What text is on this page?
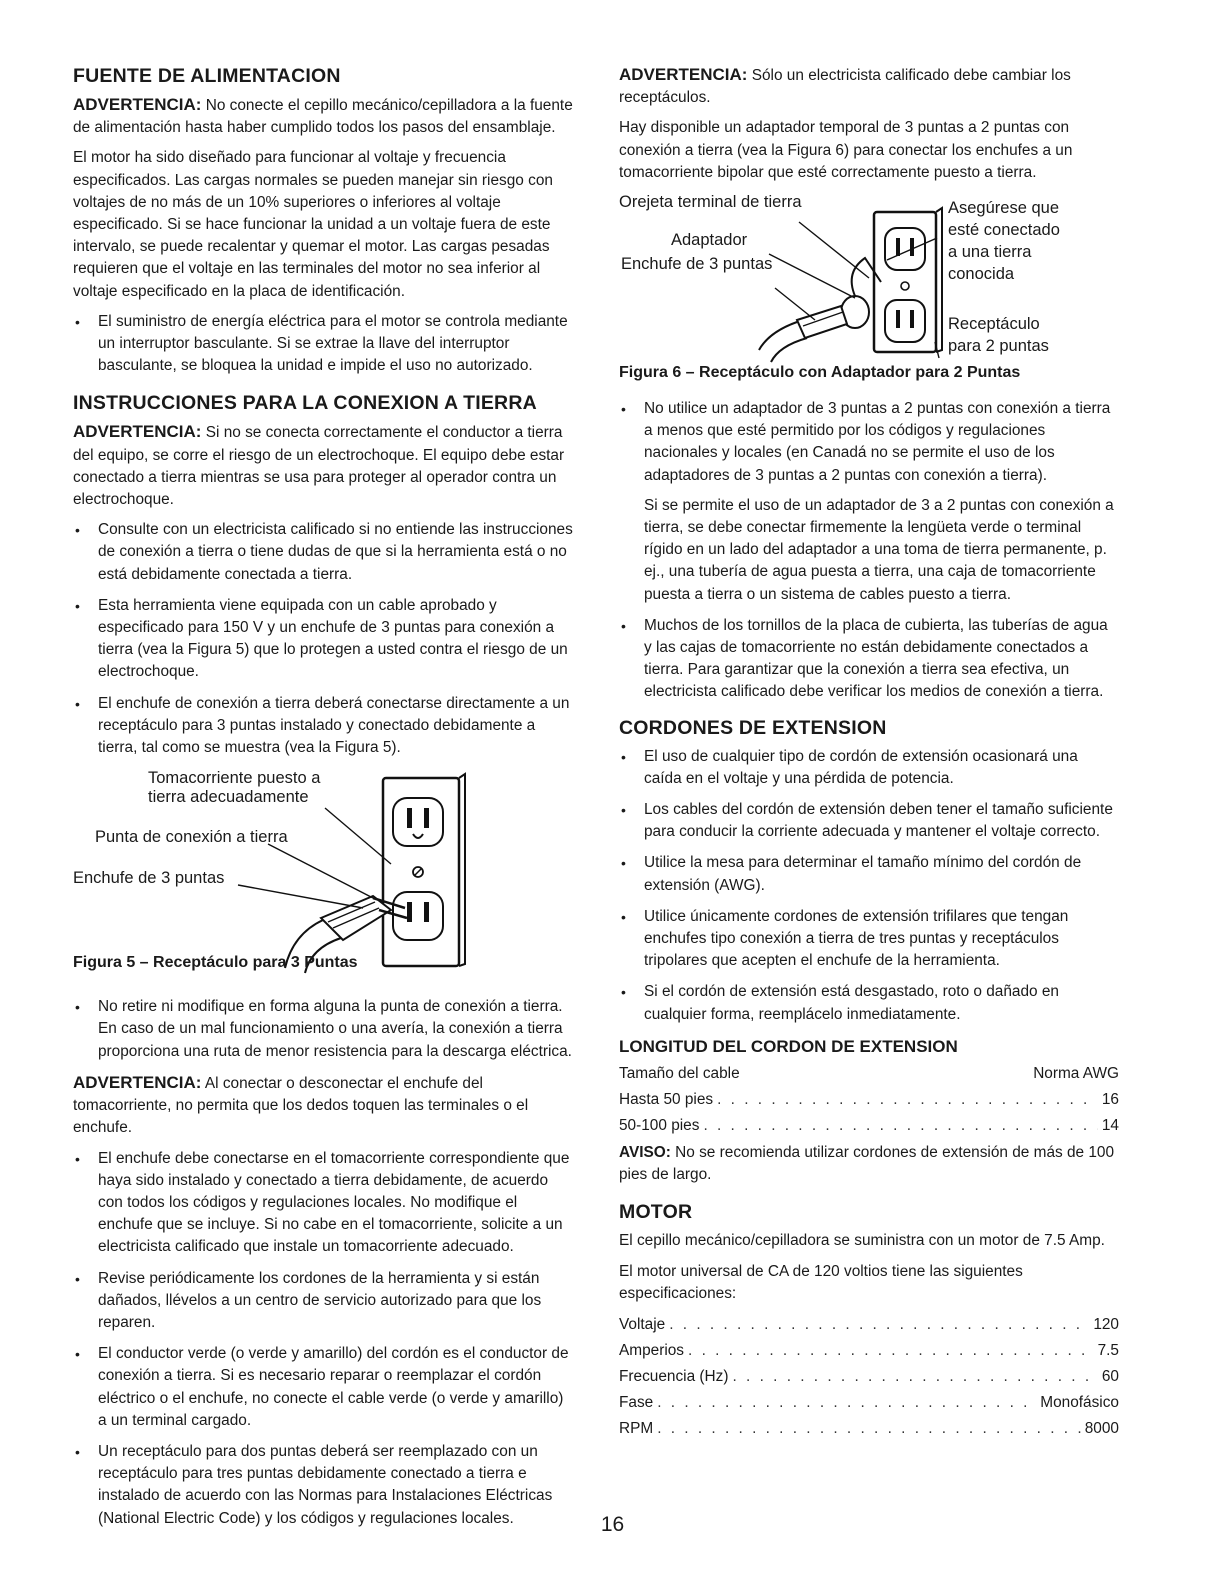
FUENTE DE ALIMENTACION

ADVERTENCIA: No conecte el cepillo mecánico/cepilladora a la fuente de alimentación hasta haber cumplido todos los pasos del ensamblaje.

El motor ha sido diseñado para funcionar al voltaje y frecuencia especificados. Las cargas normales se pueden manejar sin riesgo con voltajes de no más de un 10% superiores o inferiores al voltaje especificado. Si se hace funcionar la unidad a un voltaje fuera de este intervalo, se puede recalentar y quemar el motor. Las cargas pesadas requieren que el voltaje en las terminales del motor no sea inferior al voltaje especificado en la placa de identificación.

• El suministro de energía eléctrica para el motor se controla mediante un interruptor basculante. Si se extrae la llave del interruptor basculante, se bloquea la unidad e impide el uso no autorizado.
INSTRUCCIONES PARA LA CONEXION A TIERRA

ADVERTENCIA: Si no se conecta correctamente el conductor a tierra del equipo, se corre el riesgo de un electrochoque. El equipo debe estar conectado a tierra mientras se usa para proteger al operador contra un electrochoque.

• Consulte con un electricista calificado si no entiende las instrucciones de conexión a tierra o tiene dudas de que si la herramienta está o no está debidamente conectada a tierra.
• Esta herramienta viene equipada con un cable aprobado y especificado para 150 V y un enchufe de 3 puntas para conexión a tierra (vea la Figura 5) que lo protegen a usted contra el riesgo de un electrochoque.
• El enchufe de conexión a tierra deberá conectarse directamente a un receptáculo para 3 puntas instalado y conectado debidamente a tierra, tal como se muestra (vea la Figura 5).
Tomacorriente puesto a
tierra adecuadamente
Punta de conexión a tierra
Enchufe de 3 puntas
Figura 5 – Receptáculo para 3 Puntas
• No retire ni modifique en forma alguna la punta de conexión a tierra. En caso de un mal funcionamiento o una avería, la conexión a tierra proporciona una ruta de menor resistencia para la descarga eléctrica.

ADVERTENCIA: Al conectar o desconectar el enchufe del tomacorriente, no permita que los dedos toquen las terminales o el enchufe.

• El enchufe debe conectarse en el tomacorriente correspondiente que haya sido instalado y conectado a tierra debidamente, de acuerdo con todos los códigos y regulaciones locales. No modifique el enchufe que se incluye. Si no cabe en el tomacorriente, solicite a un electricista calificado que instale un tomacorriente adecuado.
• Revise periódicamente los cordones de la herramienta y si están dañados, llévelos a un centro de servicio autorizado para que los reparen.
• El conductor verde (o verde y amarillo) del cordón es el conductor de conexión a tierra. Si es necesario reparar o reemplazar el cordón eléctrico o el enchufe, no conecte el cable verde (o verde y amarillo) a un terminal cargado.
• Un receptáculo para dos puntas deberá ser reemplazado con un receptáculo para tres puntas debidamente conectado a tierra e instalado de acuerdo con las Normas para Instalaciones Eléctricas (National Electric Code) y los códigos y regulaciones locales.

ADVERTENCIA: Sólo un electricista calificado debe cambiar los receptáculos.

Hay disponible un adaptador temporal de 3 puntas a 2 puntas con conexión a tierra (vea la Figura 6) para conectar los enchufes a un tomacorriente bipolar que esté correctamente puesto a tierra.

Orejeta terminal de tierra
Adaptador
Enchufe de 3 puntas
Asegúrese que
esté conectado
a una tierra
conocida
Receptáculo
para 2 puntas
Figura 6 – Receptáculo con Adaptador para 2 Puntas
• No utilice un adaptador de 3 puntas a 2 puntas con conexión a tierra a menos que esté permitido por los códigos y regulaciones nacionales y locales (en Canadá no se permite el uso de los adaptadores de 3 puntas a 2 puntas con conexión a tierra).

Si se permite el uso de un adaptador de 3 a 2 puntas con conexión a tierra, se debe conectar firmemente la lengüeta verde o terminal rígido en un lado del adaptador a una toma de tierra permanente, p. ej., una tubería de agua puesta a tierra, una caja de tomacorriente puesta a tierra o un sistema de cables puesto a tierra.

• Muchos de los tornillos de la placa de cubierta, las tuberías de agua y las cajas de tomacorriente no están debidamente conectados a tierra. Para garantizar que la conexión a tierra sea efectiva, un electricista calificado debe verificar los medios de conexión a tierra.
CORDONES DE EXTENSION
• El uso de cualquier tipo de cordón de extensión ocasionará una caída en el voltaje y una pérdida de potencia.
• Los cables del cordón de extensión deben tener el tamaño suficiente para conducir la corriente adecuada y mantener el voltaje correcto.
• Utilice la mesa para determinar el tamaño mínimo del cordón de extensión (AWG).
• Utilice únicamente cordones de extensión trifilares que tengan enchufes tipo conexión a tierra de tres puntas y receptáculos tripolares que acepten el enchufe de la herramienta.
• Si el cordón de extensión está desgastado, roto o dañado en cualquier forma, reemplácelo inmediatamente.
LONGITUD DEL CORDON DE EXTENSION
Tamaño del cable	Norma AWG
Hasta 50 pies . . .	16
50-100 pies . . .	14

AVISO: No se recomienda utilizar cordones de extensión de más de 100 pies de largo.

MOTOR

El cepillo mecánico/cepilladora se suministra con un motor de 7.5 Amp.

El motor universal de CA de 120 voltios tiene las siguientes especificaciones:

Voltaje . . .	120
Amperios . . .	7.5
Frecuencia (Hz) . . .	60
Fase . . .	Monofásico
RPM . . .	8000
16
